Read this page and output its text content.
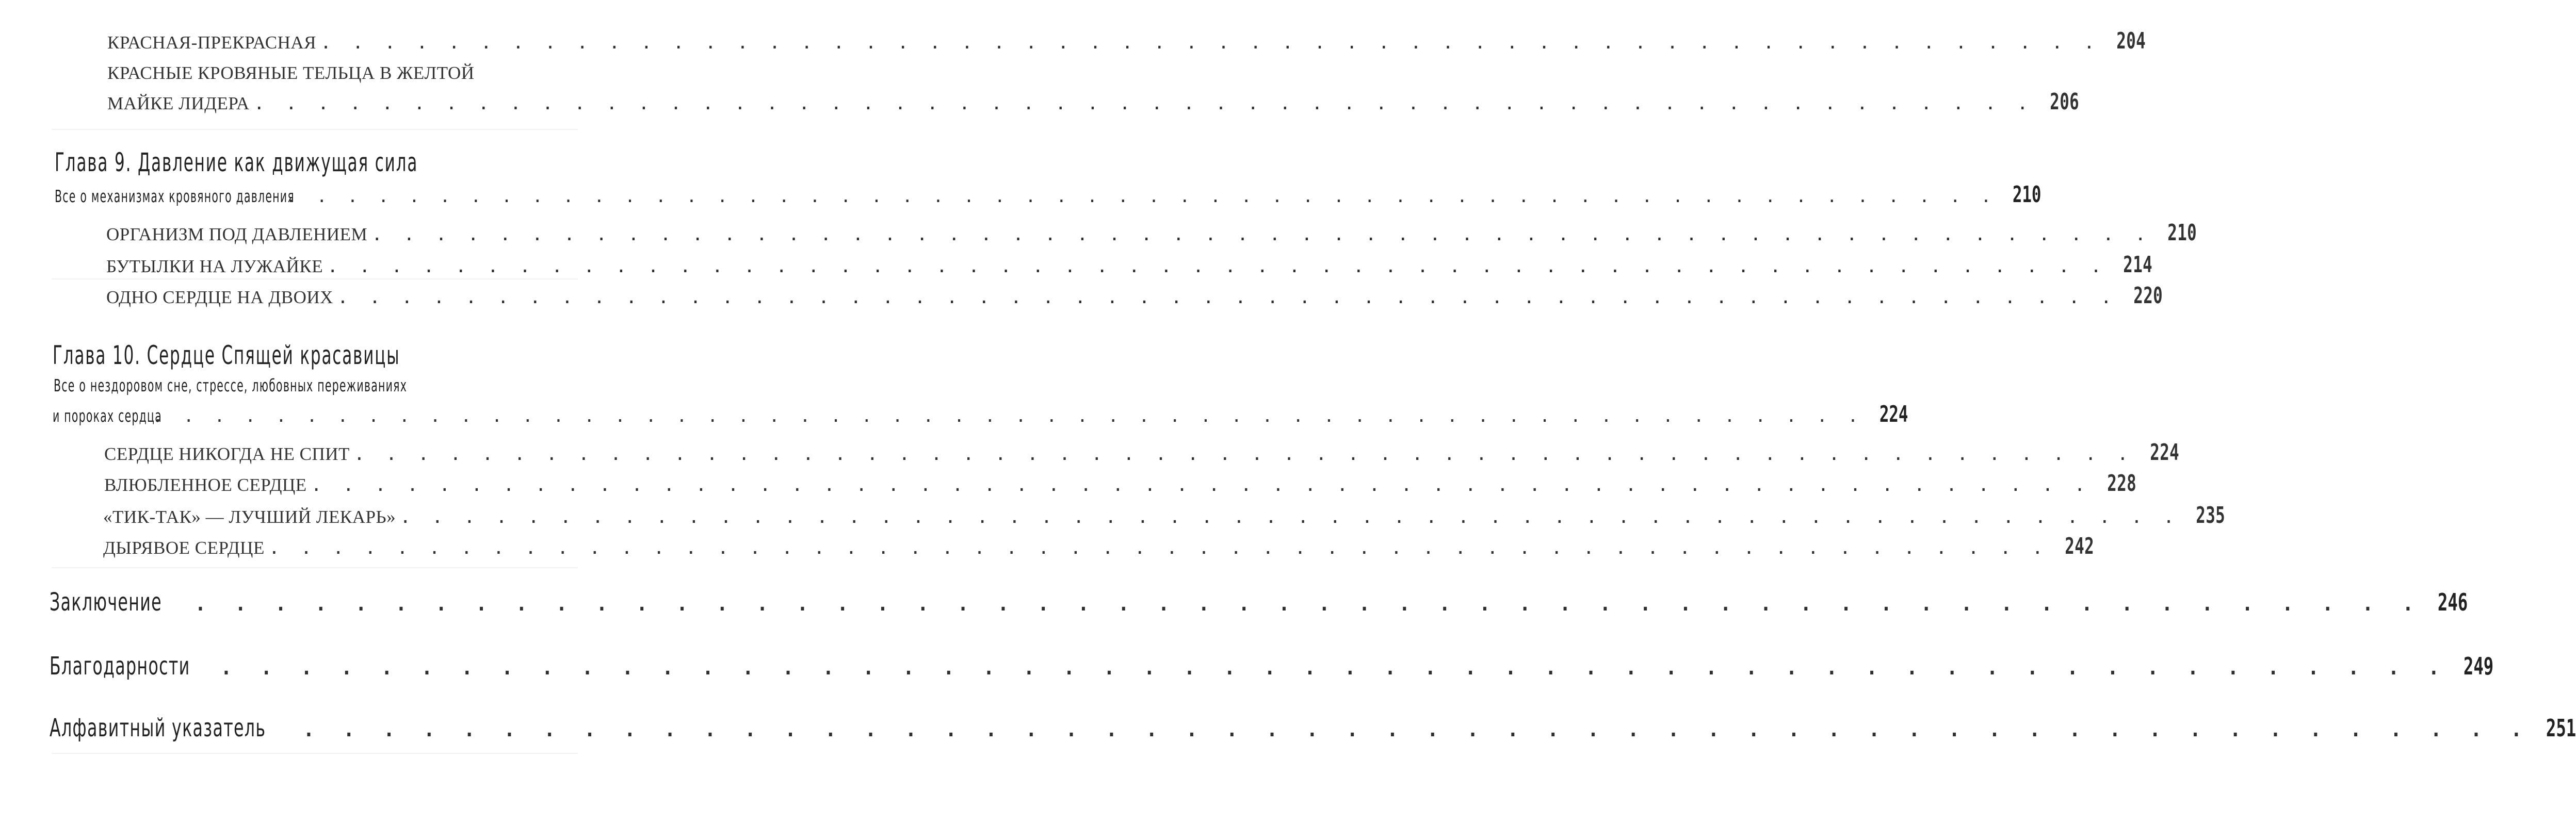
КРАСНАЯ-ПРЕКРАСНАЯ . . . . . . . . . . . . . . . . . . . . . . . . . . . . . . . . . . . . . . . . . . . . . . . . . . . . . . . . 204
КРАСНЫЕ КРОВЯНЫЕ ТЕЛЬЦА В ЖЕЛТОЙ
МАЙКЕ ЛИДЕРА . . . . . . . . . . . . . . . . . . . . . . . . . . . . . . . . . . . . . . . . . . . . . . . . . . . . . . . . 206
Глава 9. Давление как движущая сила
Все о механизмах кровяного давления
. . . . . . . . . . . . . . . . . . . . . . . . . . . . . . . . . . . . . . . . . . . . . . . . . . . . . . . . 210
ОРГАНИЗМ ПОД ДАВЛЕНИЕМ . . . . . . . . . . . . . . . . . . . . . . . . . . . . . . . . . . . . . . . . . . . . . . . . . . . . . . . . 210
БУТЫЛКИ НА ЛУЖАЙКЕ . . . . . . . . . . . . . . . . . . . . . . . . . . . . . . . . . . . . . . . . . . . . . . . . . . . . . . . . 214
ОДНО СЕРДЦЕ НА ДВОИХ . . . . . . . . . . . . . . . . . . . . . . . . . . . . . . . . . . . . . . . . . . . . . . . . . . . . . . . . 220
Глава 10. Сердце Спящей красавицы
Все о нездоровом сне, стрессе, любовных переживаниях
и пороках сердца
. . . . . . . . . . . . . . . . . . . . . . . . . . . . . . . . . . . . . . . . . . . . . . . . . . . . . . . . 224
СЕРДЦЕ НИКОГДА НЕ СПИТ . . . . . . . . . . . . . . . . . . . . . . . . . . . . . . . . . . . . . . . . . . . . . . . . . . . . . . . . 224
ВЛЮБЛЕННОЕ СЕРДЦЕ . . . . . . . . . . . . . . . . . . . . . . . . . . . . . . . . . . . . . . . . . . . . . . . . . . . . . . . . 228
«ТИК-ТАК» — ЛУЧШИЙ ЛЕКАРЬ» . . . . . . . . . . . . . . . . . . . . . . . . . . . . . . . . . . . . . . . . . . . . . . . . . . . . . . . . 235
ДЫРЯВОЕ СЕРДЦЕ . . . . . . . . . . . . . . . . . . . . . . . . . . . . . . . . . . . . . . . . . . . . . . . . . . . . . . . . 242
Заключение . . . . . . . . . . . . . . . . . . . . . . . . . . . . . . . . . . . . . . . . . . . . . . . . . . . . . . . . 246
Благодарности . . . . . . . . . . . . . . . . . . . . . . . . . . . . . . . . . . . . . . . . . . . . . . . . . . . . . . . . 249
Алфавитный указатель . . . . . . . . . . . . . . . . . . . . . . . . . . . . . . . . . . . . . . . . . . . . . . . . . . . . . . . . 251
